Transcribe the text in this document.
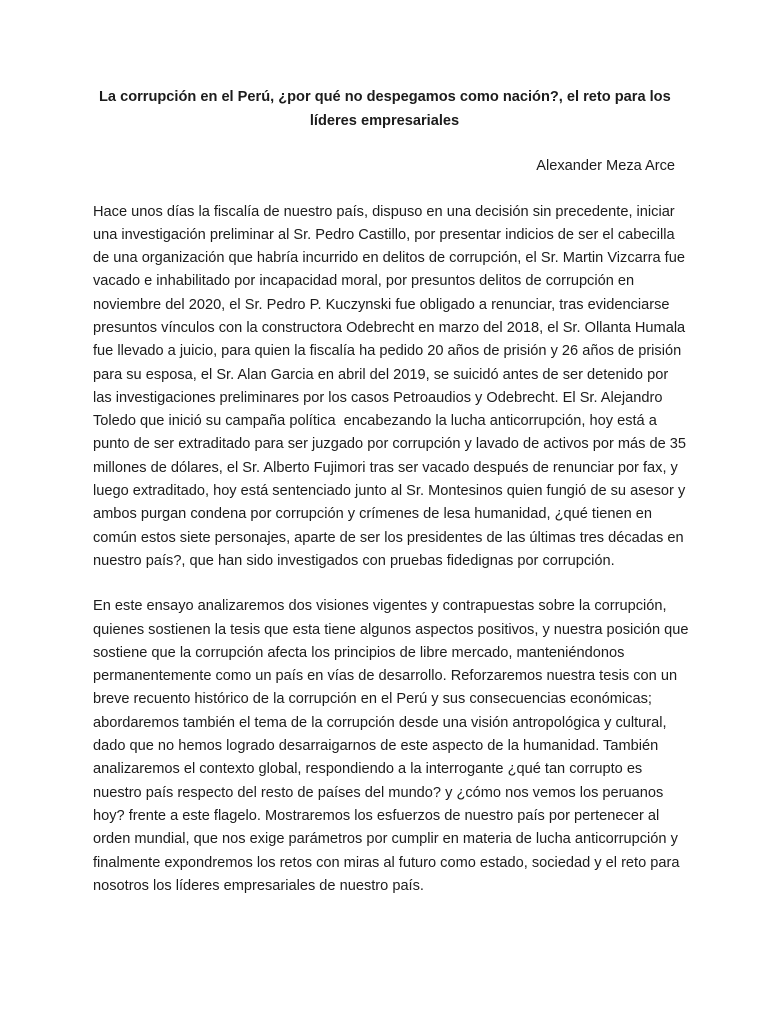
La corrupción en el Perú, ¿por qué no despegamos como nación?, el reto para los
líderes empresariales

Alexander Meza Arce

Hace unos días la fiscalía de nuestro país, dispuso en una decisión sin precedente, iniciar
una investigación preliminar al Sr. Pedro Castillo, por presentar indicios de ser el cabecilla
de una organización que habría incurrido en delitos de corrupción, el Sr. Martin Vizcarra fue
vacado e inhabilitado por incapacidad moral, por presuntos delitos de corrupción en
noviembre del 2020, el Sr. Pedro P. Kuczynski fue obligado a renunciar, tras evidenciarse
presuntos vínculos con la constructora Odebrecht en marzo del 2018, el Sr. Ollanta Humala
fue llevado a juicio, para quien la fiscalía ha pedido 20 años de prisión y 26 años de prisión
para su esposa, el Sr. Alan Garcia en abril del 2019, se suicidó antes de ser detenido por
las investigaciones preliminares por los casos Petroaudios y Odebrecht. El Sr. Alejandro
Toledo que inició su campaña política  encabezando la lucha anticorrupción, hoy está a
punto de ser extraditado para ser juzgado por corrupción y lavado de activos por más de 35
millones de dólares, el Sr. Alberto Fujimori tras ser vacado después de renunciar por fax, y
luego extraditado, hoy está sentenciado junto al Sr. Montesinos quien fungió de su asesor y
ambos purgan condena por corrupción y crímenes de lesa humanidad, ¿qué tienen en
común estos siete personajes, aparte de ser los presidentes de las últimas tres décadas en
nuestro país?, que han sido investigados con pruebas fidedignas por corrupción.

En este ensayo analizaremos dos visiones vigentes y contrapuestas sobre la corrupción,
quienes sostienen la tesis que esta tiene algunos aspectos positivos, y nuestra posición que
sostiene que la corrupción afecta los principios de libre mercado, manteniéndonos
permanentemente como un país en vías de desarrollo. Reforzaremos nuestra tesis con un
breve recuento histórico de la corrupción en el Perú y sus consecuencias económicas;
abordaremos también el tema de la corrupción desde una visión antropológica y cultural,
dado que no hemos logrado desarraigarnos de este aspecto de la humanidad. También
analizaremos el contexto global, respondiendo a la interrogante ¿qué tan corrupto es
nuestro país respecto del resto de países del mundo? y ¿cómo nos vemos los peruanos
hoy? frente a este flagelo. Mostraremos los esfuerzos de nuestro país por pertenecer al
orden mundial, que nos exige parámetros por cumplir en materia de lucha anticorrupción y
finalmente expondremos los retos con miras al futuro como estado, sociedad y el reto para
nosotros los líderes empresariales de nuestro país.
